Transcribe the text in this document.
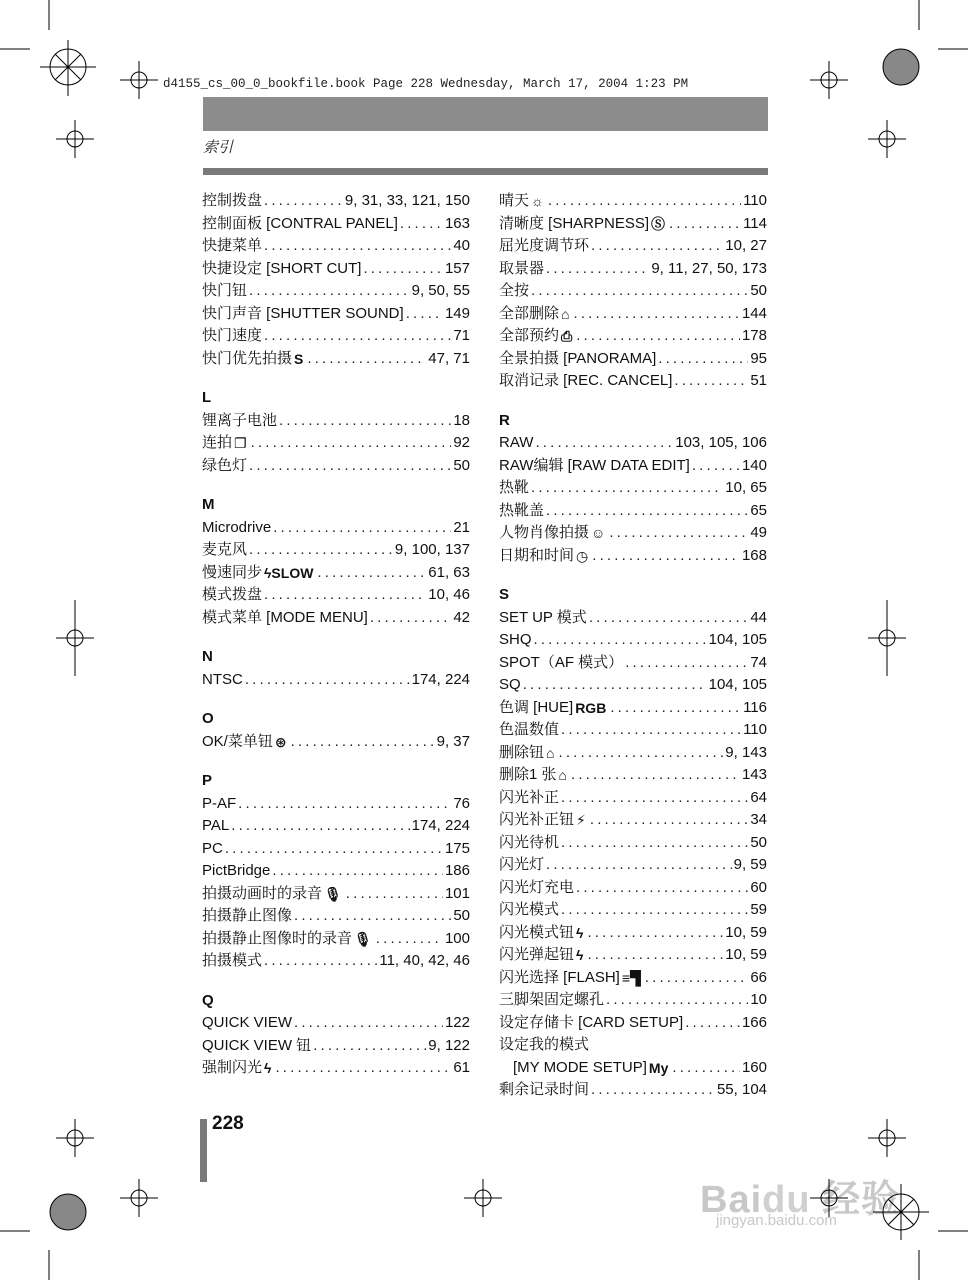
d4155_cs_00_0_bookfile.book Page 228 Wednesday, March 17, 2004 1:23 PM
索引
控制拨盘 . . .	9, 31, 33, 121, 150
控制面板 [CONTRAL PANEL] . . .	163
快捷菜单 . . .	40
快捷设定 [SHORT CUT] . . .	157
快门钮 . . .	9, 50, 55
快门声音 [SHUTTER SOUND] . . .	149
快门速度 . . .	71
快门优先拍摄 S . . .	47, 71
L
锂离子电池 . . .	18
连拍 ❐ . . .	92
绿色灯 . . .	50
M
Microdrive . . .	21
麦克风 . . .	9, 100, 137
慢速同步 ϟSLOW . . .	61, 63
模式拨盘 . . .	10, 46
模式菜单 [MODE MENU] . . .	42
N
NTSC . . .	174, 224
O
OK/菜单钮 ⊛ . . .	9, 37
P
P-AF . . .	76
PAL . . .	174, 224
PC . . .	175
PictBridge . . .	186
拍摄动画时的录音 🎙 . . .	101
拍摄静止图像 . . .	50
拍摄静止图像时的录音 🎙 . . .	100
拍摄模式 . . .	11, 40, 42, 46
Q
QUICK VIEW . . .	122
QUICK VIEW 钮 . . .	9, 122
强制闪光 ϟ . . .	61
晴天 ☼ . . .	110
清晰度 [SHARPNESS] Ⓢ . . .	114
屈光度调节环 . . .	10, 27
取景器 . . .	9, 11, 27, 50, 173
全按 . . .	50
全部删除 ⌂ . . .	144
全部预约 ⎙ . . .	178
全景拍摄 [PANORAMA] . . .	95
取消记录 [REC. CANCEL] . . .	51
R
RAW . . .	103, 105, 106
RAW编辑 [RAW DATA EDIT] . . .	140
热靴 . . .	10, 65
热靴盖 . . .	65
人物肖像拍摄 ☺ . . .	49
日期和时间 ◷ . . .	168
S
SET UP 模式 . . .	44
SHQ . . .	104, 105
SPOT（AF 模式） . . .	74
SQ . . .	104, 105
色调 [HUE] RGB . . .	116
色温数值 . . .	110
删除钮 ⌂ . . .	9, 143
删除1 张 ⌂ . . .	143
闪光补正 . . .	64
闪光补正钮 ⚡ . . .	34
闪光待机 . . .	50
闪光灯 . . .	9, 59
闪光灯充电 . . .	60
闪光模式 . . .	59
闪光模式钮 ϟ . . .	10, 59
闪光弹起钮 ϟ . . .	10, 59
闪光选择 [FLASH] ≡▜ . . .	66
三脚架固定螺孔 . . .	10
设定存储卡 [CARD SETUP] . . .	166
设定我的模式
[MY MODE SETUP] My . . .	160
剩余记录时间 . . .	55, 104
228
Baidu 经验
jingyan.baidu.com
